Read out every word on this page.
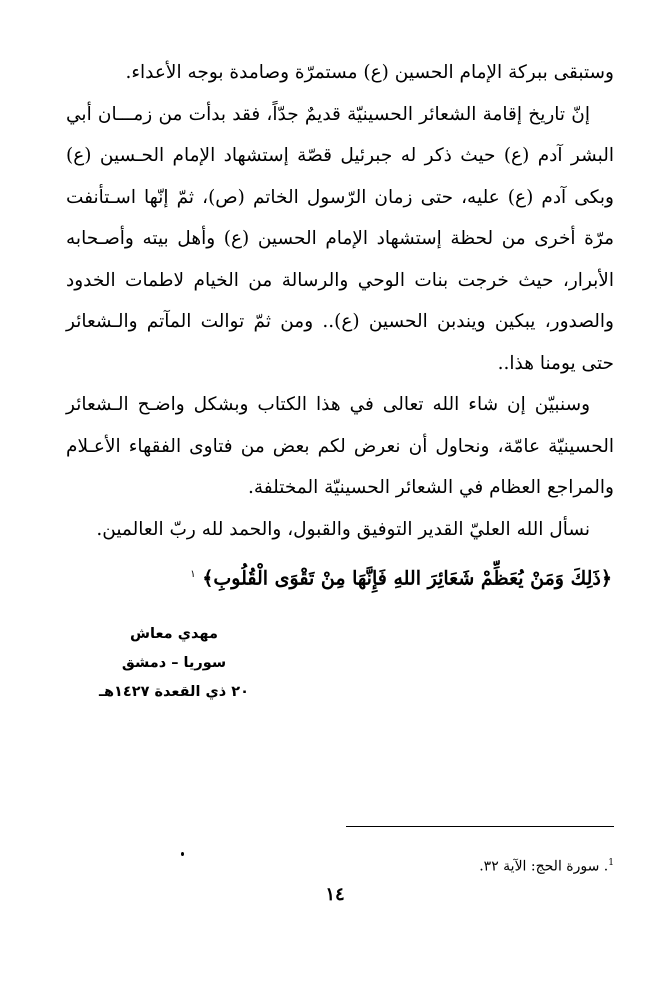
وستبقى ببركة الإمام الحسين (ع) مستمرّة وصامدة بوجه الأعداء.

إنّ تاريخ إقامة الشعائر الحسينيّة قديمٌ جدّاً، فقد بدأت من زمـــان أبي البشر آدم (ع) حيث ذكر له جبرئيل قصّة إستشهاد الإمام الحـسين (ع) وبكى آدم (ع) عليه، حتى زمان الرّسول الخاتم (ص)، ثمّ إنّها اسـتأنفت مرّة أخرى من لحظة إستشهاد الإمام الحسين (ع) وأهل بيته وأصـحابه الأبرار، حيث خرجت بنات الوحي والرسالة من الخيام لاطمات الخدود والصدور، يبكين ويندبن الحسين (ع).. ومن ثمّ توالت المآتم والـشعائر حتى يومنا هذا..

وسنبيّن إن شاء الله تعالى في هذا الكتاب وبشكل واضـح الـشعائر الحسينيّة عامّة، ونحاول أن نعرض لكم بعض من فتاوى الفقهاء الأعـلام والمراجع العظام في الشعائر الحسينيّة المختلفة.

نسأل الله العليّ القدير التوفيق والقبول، والحمد لله ربّ العالمين.

﴿ذَلِكَ وَمَنْ يُعَظِّمْ شَعَائِرَ اللهِ فَإِنَّهَا مِنْ تَقْوَى الْقُلُوبِ﴾ $^١$
مهدي معاش
سوريا – دمشق
٢٠ ذي القعدة ١٤٢٧هـ
$^1$. سورة الحج: الآية ٣٢.
١٤
